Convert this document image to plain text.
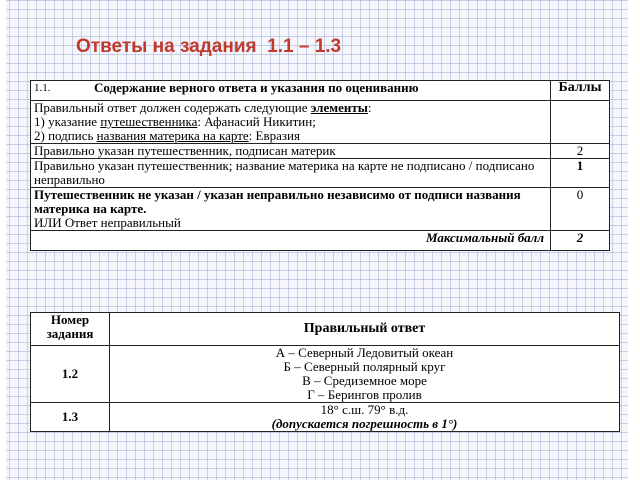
Ответы на задания  1.1 – 1.3
1.1. Содержание верного ответа и указания по оцениванию	Баллы
Правильный ответ должен содержать следующие элементы:
1) указание путешественника: Афанасий Никитин;
2) подпись названия материка на карте: Евразия	
Правильно указан путешественник, подписан материк	2
Правильно указан путешественник; название материка на карте не подписано / подписано неправильно	1
Путешественник не указан / указан неправильно независимо от подписи названия материка на карте.
ИЛИ Ответ неправильный	0
Максимальный балл	2
Номер задания	Правильный ответ
1.2	А – Северный Ледовитый океан
Б – Северный полярный круг
В – Средиземное море
Г – Берингов пролив

1.3	18° с.ш. 79° в.д.
(допускается погрешность в 1°)
